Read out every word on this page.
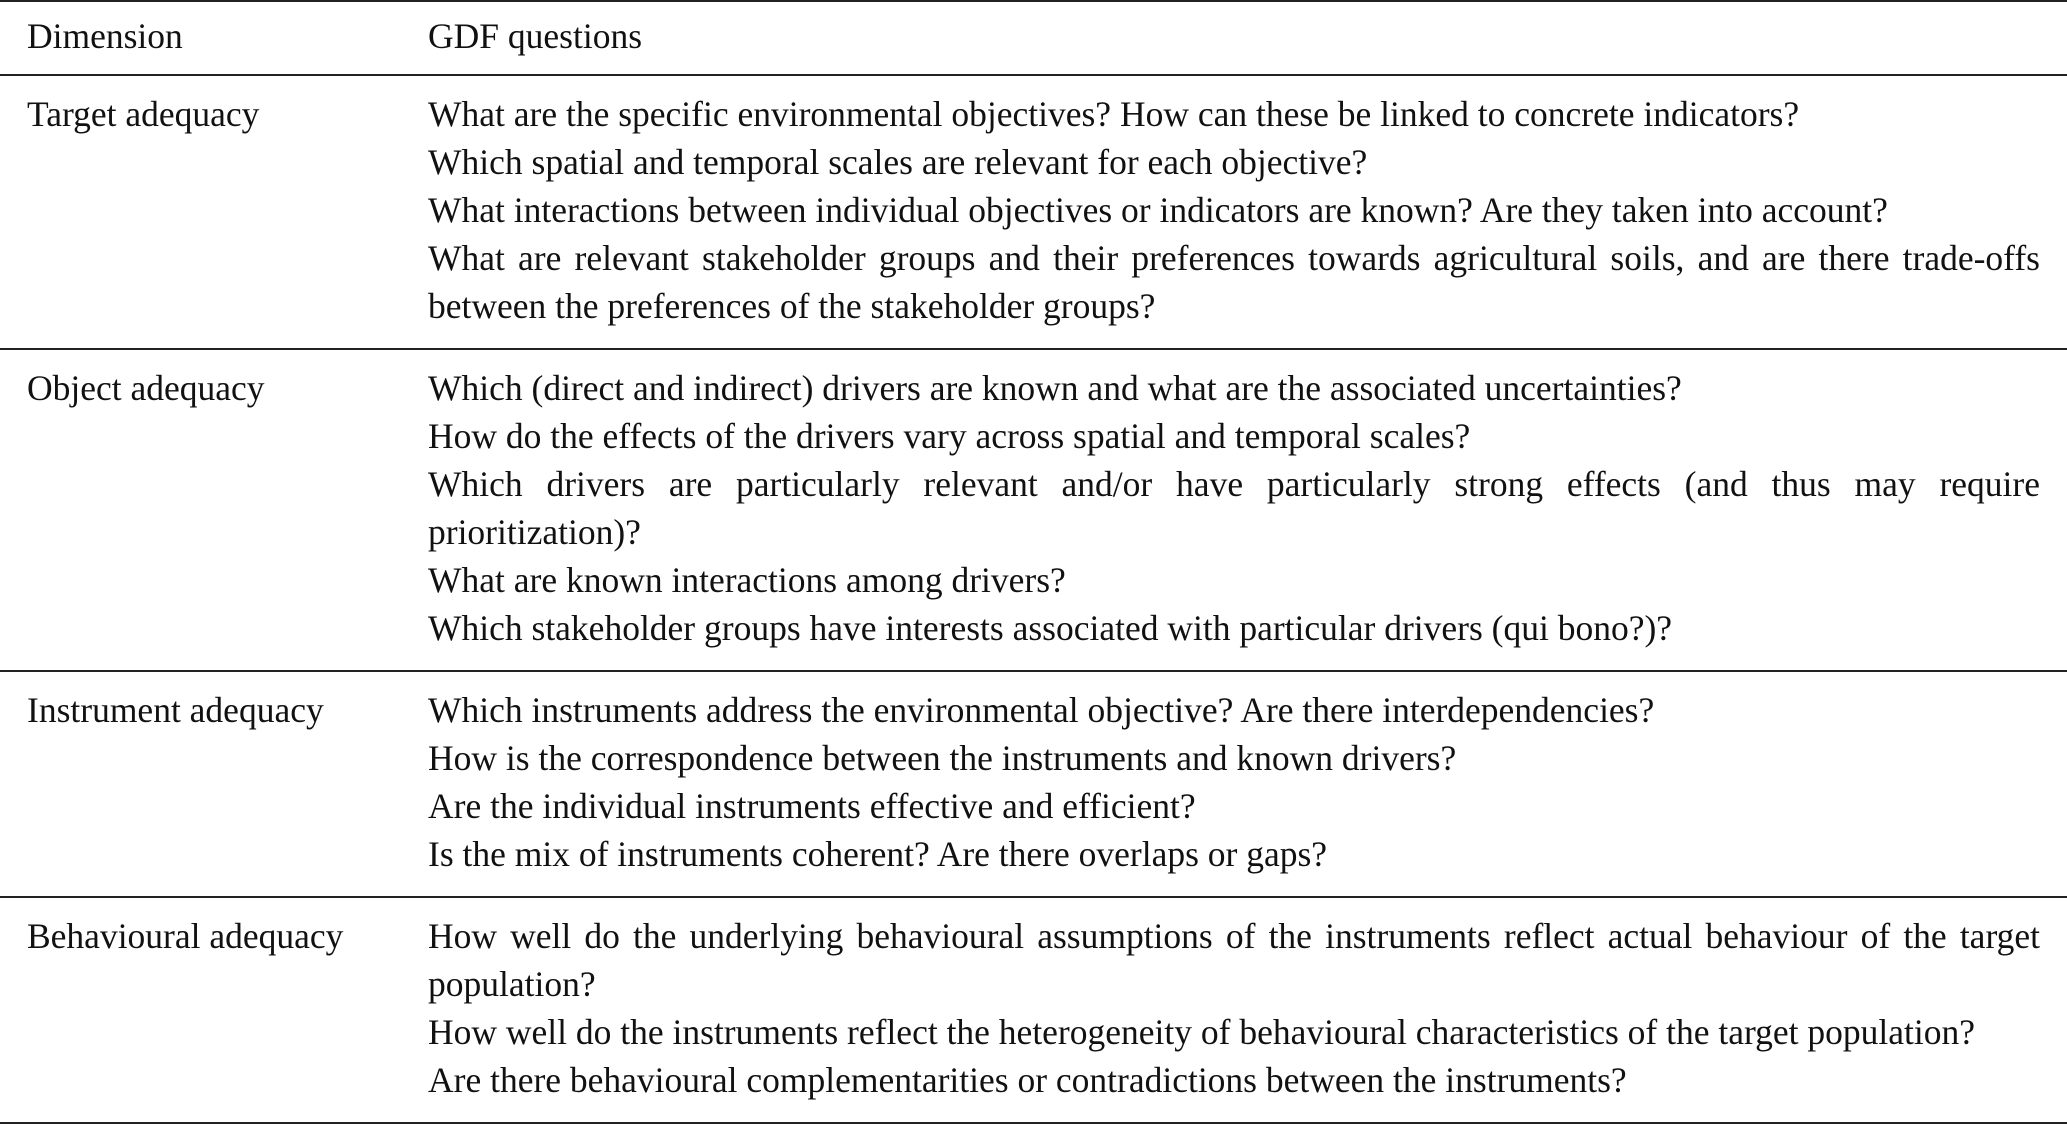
Dimension	GDF questions
Target adequacy	What are the specific environmental objectives? How can these be linked to concrete indicators?
Which spatial and temporal scales are relevant for each objective?
What interactions between individual objectives or indicators are known? Are they taken into account?
What are relevant stakeholder groups and their preferences towards agricultural soils, and are there trade-offs between the preferences of the stakeholder groups?

Object adequacy	Which (direct and indirect) drivers are known and what are the associated uncertainties?
How do the effects of the drivers vary across spatial and temporal scales?
Which drivers are particularly relevant and/or have particularly strong effects (and thus may require prioritization)?
What are known interactions among drivers?
Which stakeholder groups have interests associated with particular drivers (qui bono?)?

Instrument adequacy	Which instruments address the environmental objective? Are there interdependencies?
How is the correspondence between the instruments and known drivers?
Are the individual instruments effective and efficient?
Is the mix of instruments coherent? Are there overlaps or gaps?

Behavioural adequacy	How well do the underlying behavioural assumptions of the instruments reflect actual behaviour of the target population?
How well do the instruments reflect the heterogeneity of behavioural characteristics of the target population?
Are there behavioural complementarities or contradictions between the instruments?
